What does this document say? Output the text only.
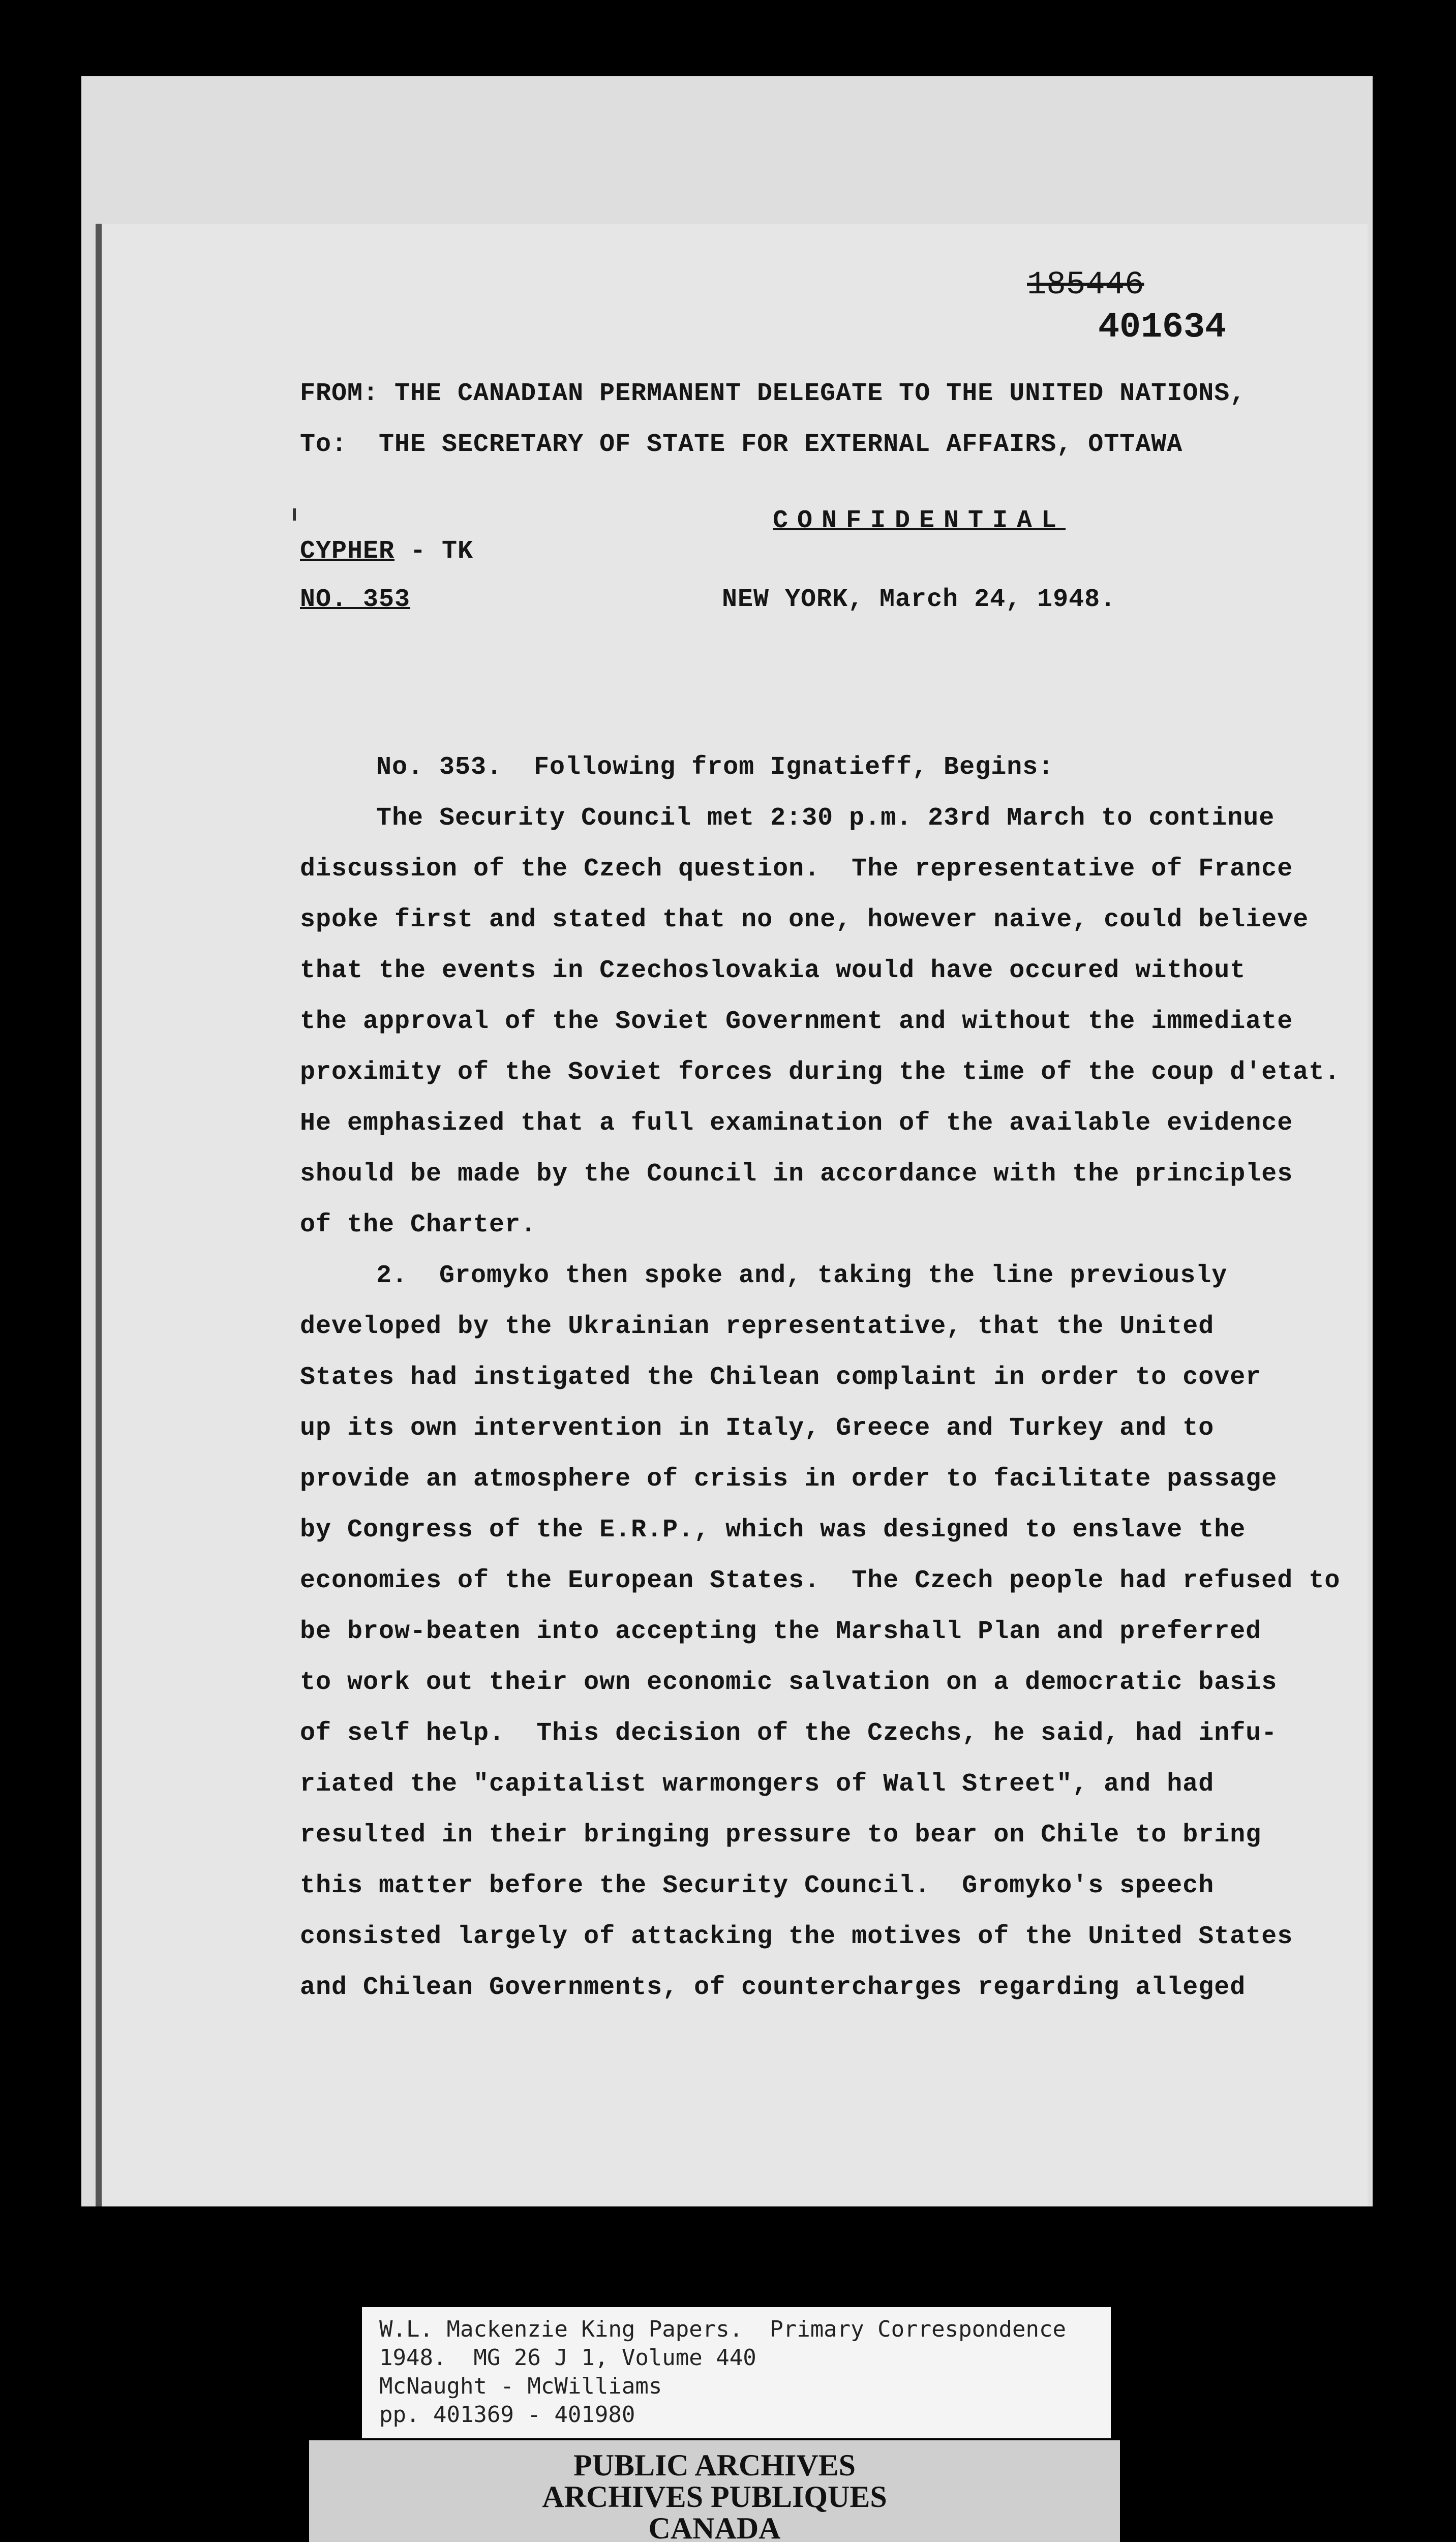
185446
401634
FROM: THE CANADIAN PERMANENT DELEGATE TO THE UNITED NATIONS,
To:  THE SECRETARY OF STATE FOR EXTERNAL AFFAIRS, OTTAWA
CONFIDENTIAL
CYPHER - TK
NO. 353	NEW YORK, March 24, 1948.
No. 353.  Following from Ignatieff, Begins:
The Security Council met 2:30 p.m. 23rd March to continue
discussion of the Czech question.  The representative of France
spoke first and stated that no one, however naive, could believe
that the events in Czechoslovakia would have occured without
the approval of the Soviet Government and without the immediate
proximity of the Soviet forces during the time of the coup d'etat.
He emphasized that a full examination of the available evidence
should be made by the Council in accordance with the principles
of the Charter.
2.  Gromyko then spoke and, taking the line previously
developed by the Ukrainian representative, that the United
States had instigated the Chilean complaint in order to cover
up its own intervention in Italy, Greece and Turkey and to
provide an atmosphere of crisis in order to facilitate passage
by Congress of the E.R.P., which was designed to enslave the
economies of the European States.  The Czech people had refused to
be brow-beaten into accepting the Marshall Plan and preferred
to work out their own economic salvation on a democratic basis
of self help.  This decision of the Czechs, he said, had infu-
riated the "capitalist warmongers of Wall Street", and had
resulted in their bringing pressure to bear on Chile to bring
this matter before the Security Council.  Gromyko's speech
consisted largely of attacking the motives of the United States
and Chilean Governments, of countercharges regarding alleged
W.L. Mackenzie King Papers.  Primary Correspondence
1948.  MG 26 J 1, Volume 440
McNaught - McWilliams
pp. 401369 - 401980
PUBLIC ARCHIVES
ARCHIVES PUBLIQUES
CANADA
